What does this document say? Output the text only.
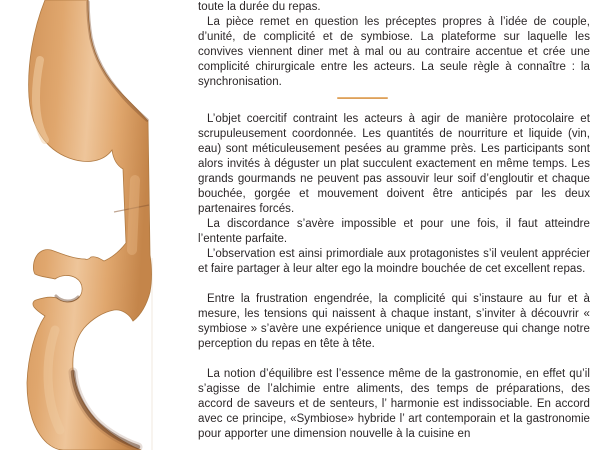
toute la durée du repas.

La pièce remet en question les préceptes propres à l’idée de couple, d’unité, de complicité et de symbiose. La plateforme sur laquelle les convives viennent diner met à mal ou au contraire accentue et crée une complicité chirurgicale entre les acteurs. La seule règle à connaître : la synchronisation.

L’objet coercitif contraint les acteurs à agir de manière protocolaire et scrupuleusement coordonnée. Les quantités de nourriture et liquide (vin, eau) sont méticuleusement pesées au gramme près. Les participants sont alors invités à déguster un plat succulent exactement en même temps. Les grands gourmands ne peuvent pas assouvir leur soif d’engloutir et chaque bouchée, gorgée et mouvement doivent être anticipés par les deux partenaires forcés.

La discordance s’avère impossible et pour une fois, il faut atteindre l’entente parfaite.

L’observation est ainsi primordiale aux protagonistes s’il veulent apprécier et faire partager à leur alter ego la moindre bouchée de cet excellent repas.

Entre la frustration engendrée, la complicité qui s’instaure au fur et à mesure, les tensions qui naissent à chaque instant, s’inviter à découvrir « symbiose » s’avère une expérience unique et dangereuse qui change notre perception du repas en tête à tête.

La notion d’équilibre est l’essence même de la gastronomie, en effet qu’il s’agisse de l’alchimie entre aliments, des temps de préparations, des accord de saveurs et de senteurs, l’ harmonie est indissociable. En accord avec ce principe, «Symbiose» hybride l’ art contemporain et la gastronomie pour apporter une dimension nouvelle à la cuisine en
